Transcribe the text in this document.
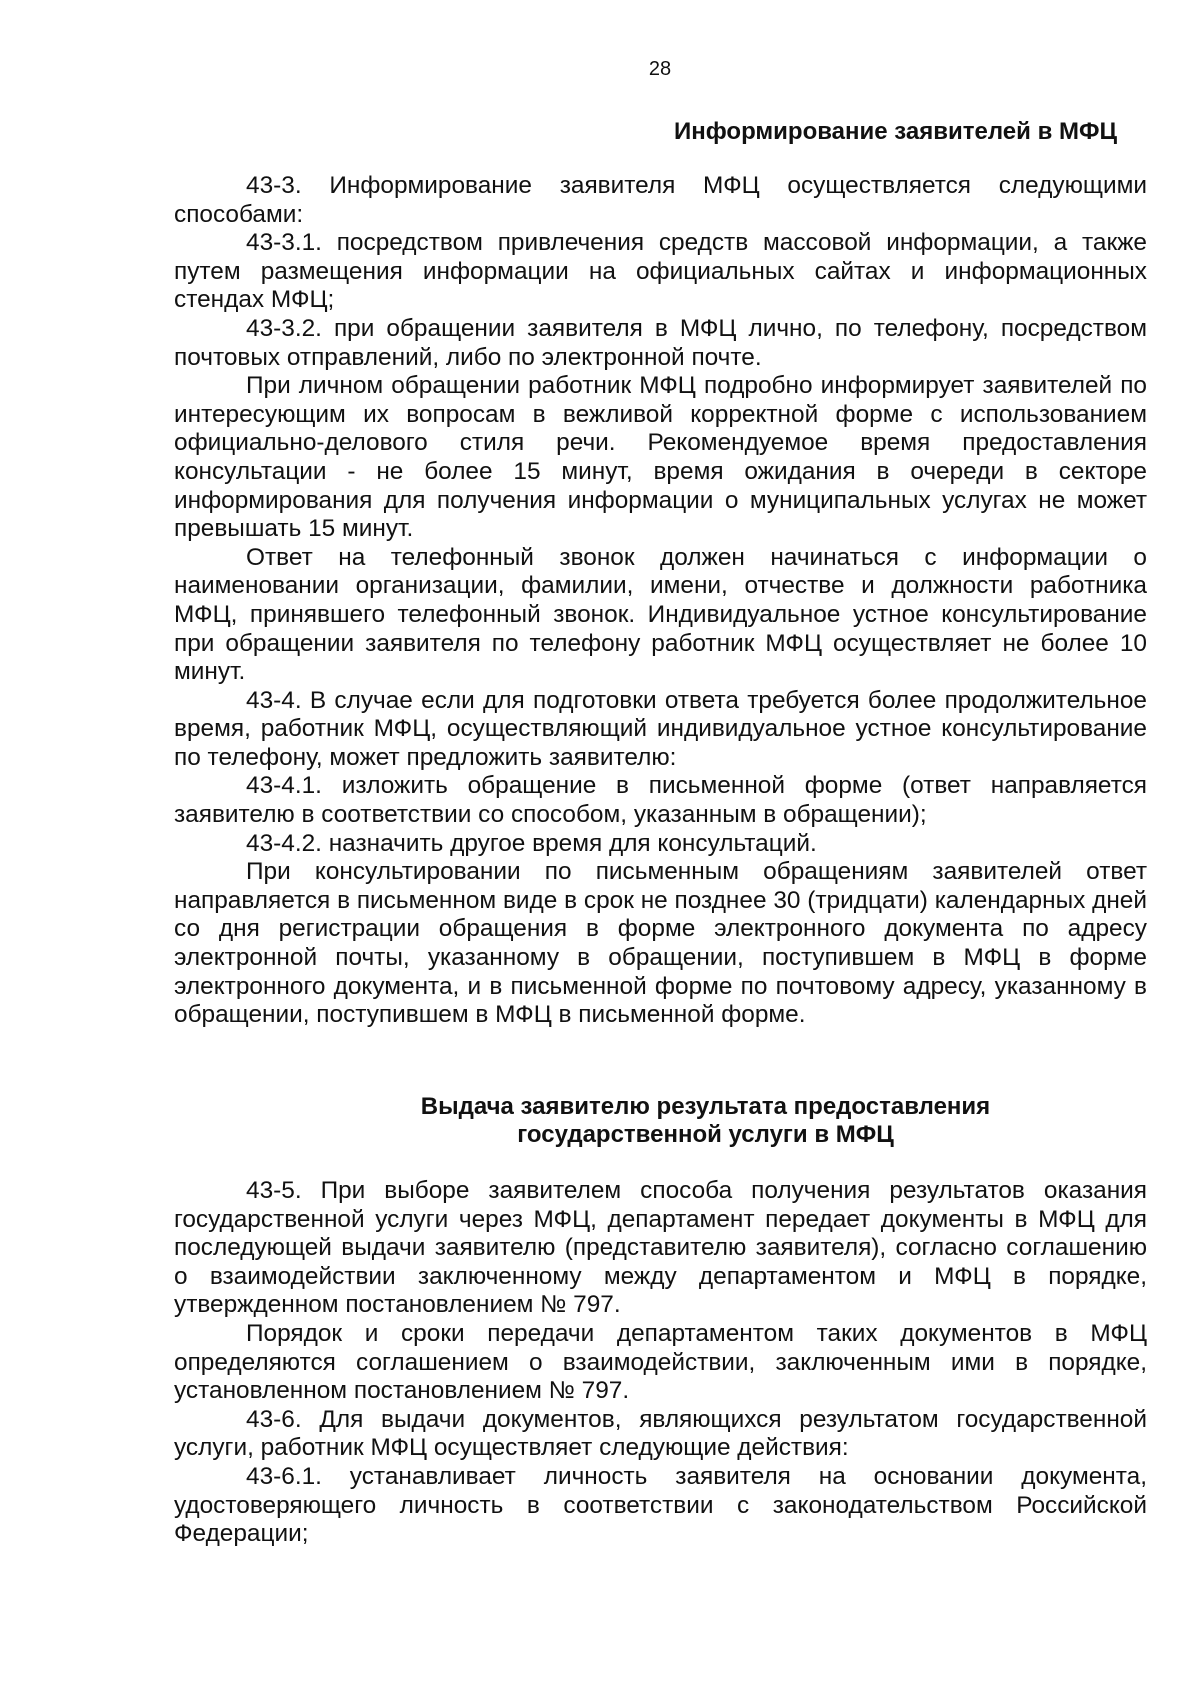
28
Информирование заявителей в МФЦ

43-3. Информирование заявителя МФЦ осуществляется следующими способами:

43-3.1. посредством привлечения средств массовой информации, а также путем размещения информации на официальных сайтах и информационных стендах МФЦ;

43-3.2. при обращении заявителя в МФЦ лично, по телефону, посредством почтовых отправлений, либо по электронной почте.

При личном обращении работник МФЦ подробно информирует заявителей по интересующим их вопросам в вежливой корректной форме с использованием официально-делового стиля речи. Рекомендуемое время предоставления консультации - не более 15 минут, время ожидания в очереди в секторе информирования для получения информации о муниципальных услугах не может превышать 15 минут.

Ответ на телефонный звонок должен начинаться с информации о наименовании организации, фамилии, имени, отчестве и должности работника МФЦ, принявшего телефонный звонок. Индивидуальное устное консультирование при обращении заявителя по телефону работник МФЦ осуществляет не более 10 минут.

43-4. В случае если для подготовки ответа требуется более продолжительное время, работник МФЦ, осуществляющий индивидуальное устное консультирование по телефону, может предложить заявителю:

43-4.1. изложить обращение в письменной форме (ответ направляется заявителю в соответствии со способом, указанным в обращении);

43-4.2. назначить другое время для консультаций.

При консультировании по письменным обращениям заявителей ответ направляется в письменном виде в срок не позднее 30 (тридцати) календарных дней со дня регистрации обращения в форме электронного документа по адресу электронной почты, указанному в обращении, поступившем в МФЦ в форме электронного документа, и в письменной форме по почтовому адресу, указанному в обращении, поступившем в МФЦ в письменной форме.

Выдача заявителю результата предоставления
государственной услуги в МФЦ

43-5. При выборе заявителем способа получения результатов оказания государственной услуги через МФЦ, департамент передает документы в МФЦ для последующей выдачи заявителю (представителю заявителя), согласно соглашению о взаимодействии заключенному между департаментом и МФЦ в порядке, утвержденном постановлением № 797.

Порядок и сроки передачи департаментом таких документов в МФЦ определяются соглашением о взаимодействии, заключенным ими в порядке, установленном постановлением № 797.

43-6. Для выдачи документов, являющихся результатом государственной услуги, работник МФЦ осуществляет следующие действия:

43-6.1. устанавливает личность заявителя на основании документа, удостоверяющего личность в соответствии с законодательством Российской Федерации;
